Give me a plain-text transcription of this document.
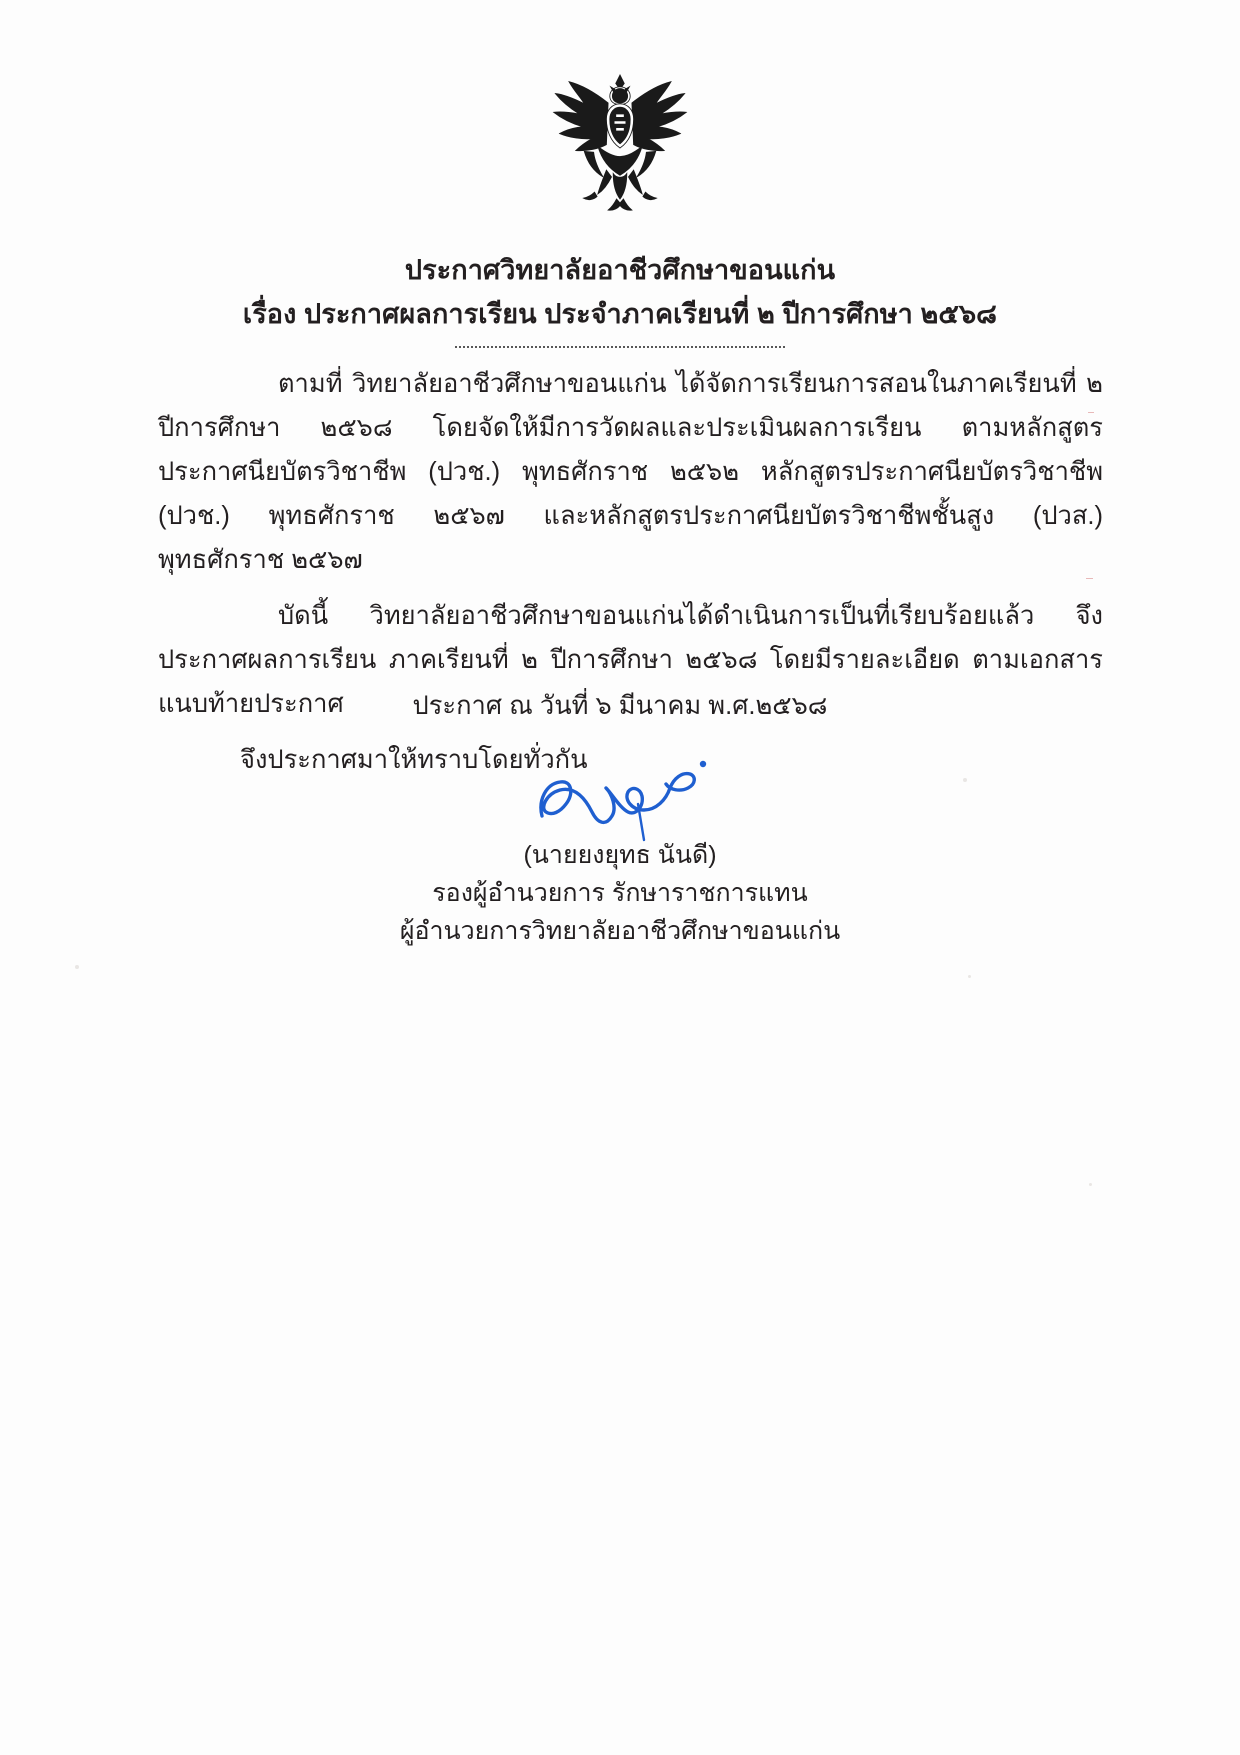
ประกาศวิทยาลัยอาชีวศึกษาขอนแก่น
เรื่อง ประกาศผลการเรียน ประจำภาคเรียนที่ ๒ ปีการศึกษา ๒๕๖๘

ตามที่ วิทยาลัยอาชีวศึกษาขอนแก่น ได้จัดการเรียนการสอนในภาคเรียนที่ ๒ ปีการศึกษา ๒๕๖๘ โดยจัดให้มีการวัดผลและประเมินผลการเรียน ตามหลักสูตรประกาศนียบัตรวิชาชีพ (ปวช.) พุทธศักราช ๒๕๖๒ หลักสูตรประกาศนียบัตรวิชาชีพ (ปวช.) พุทธศักราช ๒๕๖๗ และหลักสูตรประกาศนียบัตรวิชาชีพชั้นสูง (ปวส.) พุทธศักราช ๒๕๖๗

บัดนี้ วิทยาลัยอาชีวศึกษาขอนแก่นได้ดำเนินการเป็นที่เรียบร้อยแล้ว จึงประกาศผลการเรียน ภาคเรียนที่ ๒ ปีการศึกษา ๒๕๖๘ โดยมีรายละเอียด ตามเอกสารแนบท้ายประกาศ

จึงประกาศมาให้ทราบโดยทั่วกัน

ประกาศ ณ วันที่ ๖ มีนาคม พ.ศ.๒๕๖๘
(นายยงยุทธ นันดี)
รองผู้อำนวยการ รักษาราชการแทน
ผู้อำนวยการวิทยาลัยอาชีวศึกษาขอนแก่น
